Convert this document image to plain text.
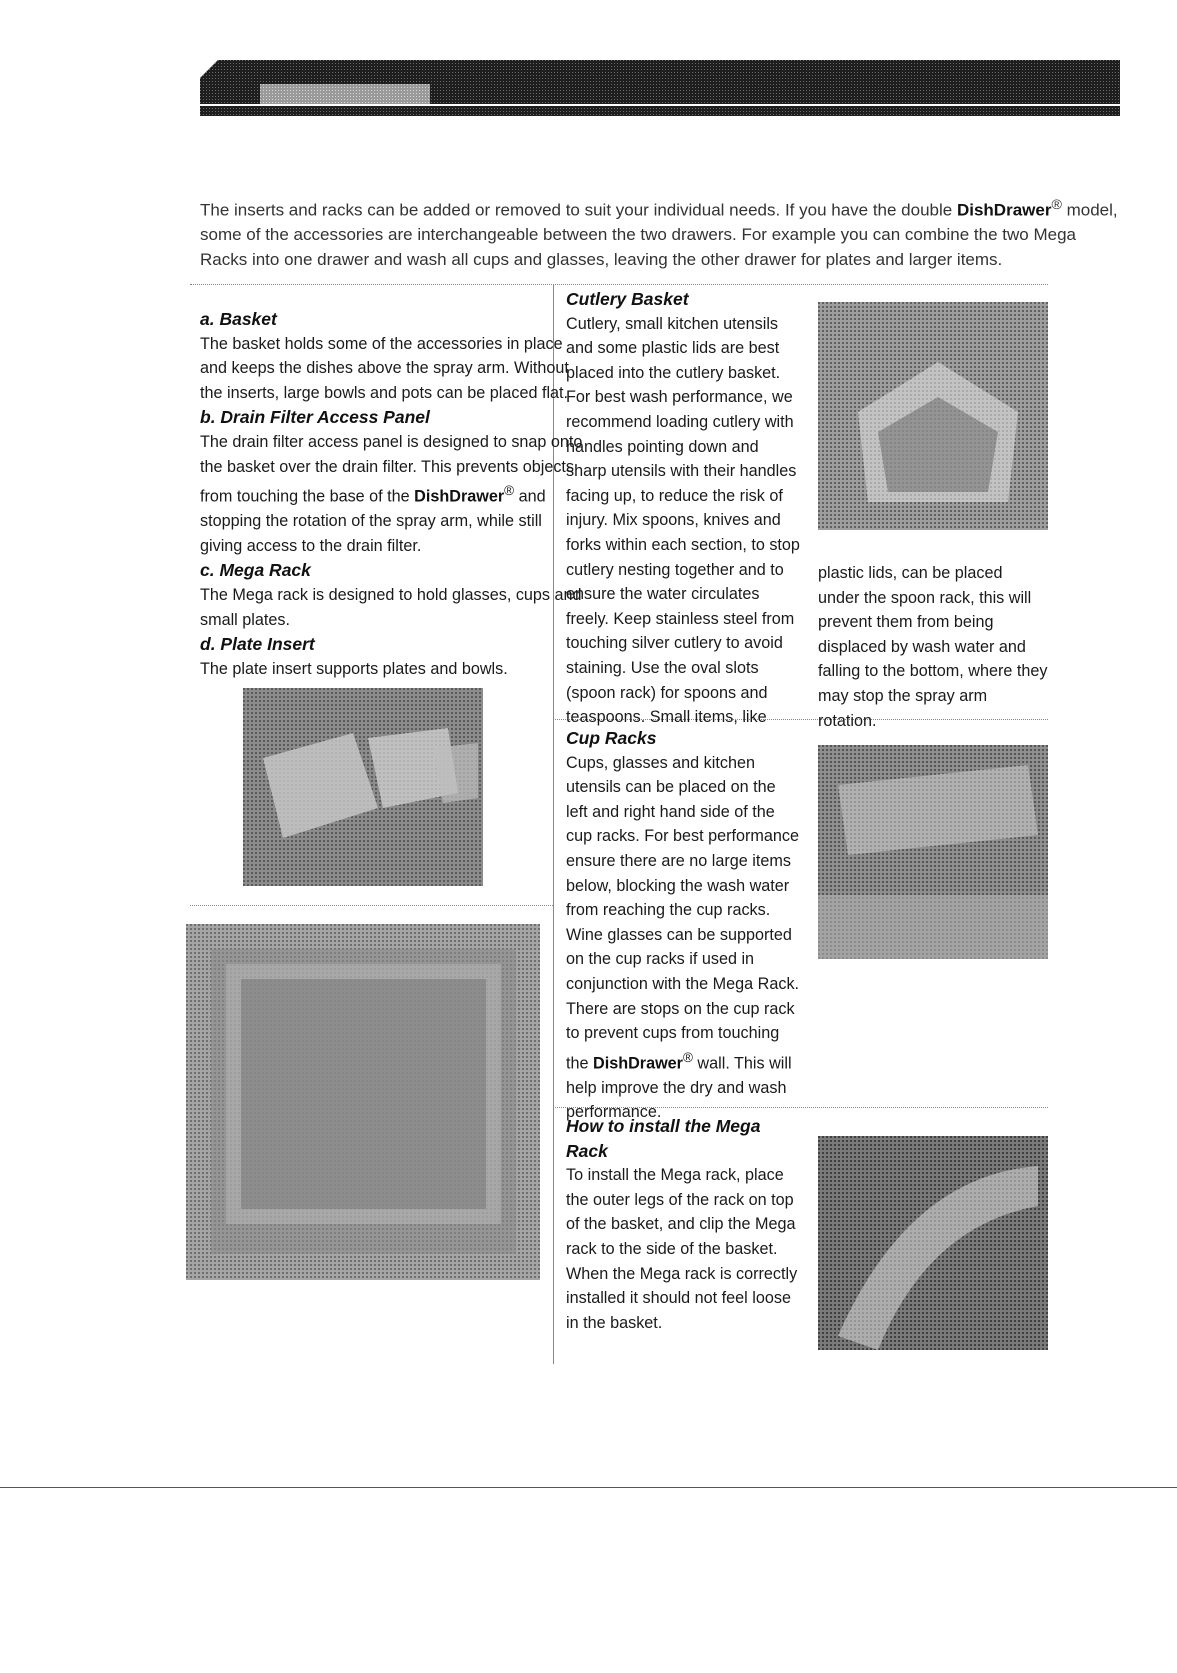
The inserts and racks can be added or removed to suit your individual needs. If you have the double DishDrawer® model, some of the accessories are interchangeable between the two drawers. For example you can combine the two Mega Racks into one drawer and wash all cups and glasses, leaving the other drawer for plates and larger items.

a. Basket

The basket holds some of the accessories in place and keeps the dishes above the spray arm. Without the inserts, large bowls and pots can be placed flat.

b. Drain Filter Access Panel

The drain filter access panel is designed to snap onto the basket over the drain filter. This prevents objects from touching the base of the DishDrawer® and stopping the rotation of the spray arm, while still giving access to the drain filter.

c. Mega Rack

The Mega rack is designed to hold glasses, cups and small plates.

d. Plate Insert

The plate insert supports plates and bowls.

Cutlery Basket

Cutlery, small kitchen utensils and some plastic lids are best placed into the cutlery basket. For best wash performance, we recommend loading cutlery with handles pointing down and sharp utensils with their handles facing up, to reduce the risk of injury. Mix spoons, knives and forks within each section, to stop cutlery nesting together and to ensure the water circulates freely. Keep stainless steel from touching silver cutlery to avoid staining. Use the oval slots (spoon rack) for spoons and teaspoons. Small items, like

plastic lids, can be placed under the spoon rack, this will prevent them from being displaced by wash water and falling to the bottom, where they may stop the spray arm rotation.

Cup Racks

Cups, glasses and kitchen utensils can be placed on the left and right hand side of the cup racks. For best performance ensure there are no large items below, blocking the wash water from reaching the cup racks. Wine glasses can be supported on the cup racks if used in conjunction with the Mega Rack. There are stops on the cup rack to prevent cups from touching the DishDrawer® wall. This will help improve the dry and wash performance.

How to install the Mega Rack

To install the Mega rack, place the outer legs of the rack on top of the basket, and clip the Mega rack to the side of the basket. When the Mega rack is correctly installed it should not feel loose in the basket.
